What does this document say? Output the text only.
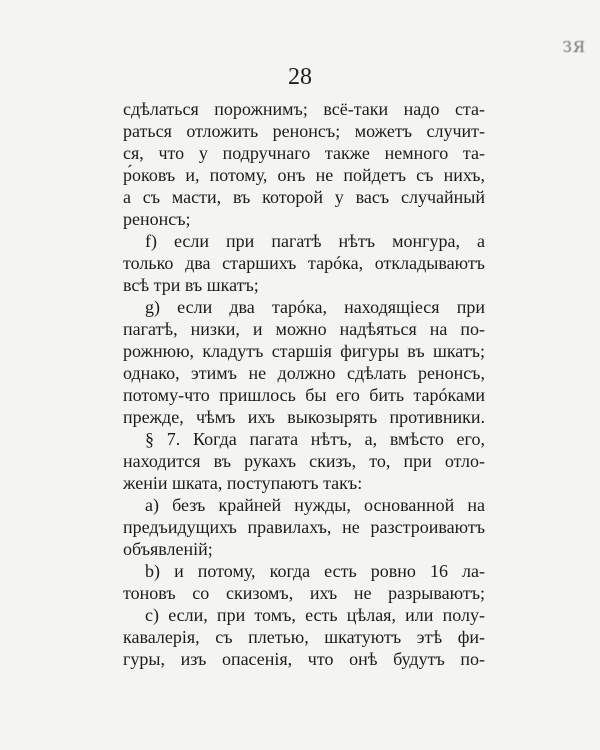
ЗЯ
28
сдѣлаться порожнимъ; всё-таки надо ста-
раться отложить ренонсъ; можетъ случит-
ся, что у подручнаго также немного та-
р́оковъ и, потому, онъ не пойдетъ съ нихъ,
а съ масти, въ которой у васъ случайный
ренонсъ;
f) если при пагатѣ нѣтъ монгура, а
только два старшихъ тарóка, откладываютъ
всѣ три въ шкатъ;
g) если два тарóка, находящіеся при
пагатѣ, низки, и можно надѣяться на по-
рожнюю, кладутъ старшія фигуры въ шкатъ;
однако, этимъ не должно сдѣлать ренонсъ,
потому-что пришлось бы его бить тарóками
прежде, чѣмъ ихъ выкозырять противники.
§ 7. Когда пагата нѣтъ, а, вмѣсто его,
находится въ рукахъ скизъ, то, при отло-
женіи шката, поступаютъ такъ:
a) безъ крайней нужды, основанной на
предъидущихъ правилахъ, не разстроиваютъ
объявленій;
b) и потому, когда есть ровно 16 ла-
тоновъ со скизомъ, ихъ не разрываютъ;
c) если, при томъ, есть цѣлая, или полу-
кавалерія, съ плетью, шкатуютъ этѣ фи-
гуры, изъ опасенія, что онѣ будутъ по-
